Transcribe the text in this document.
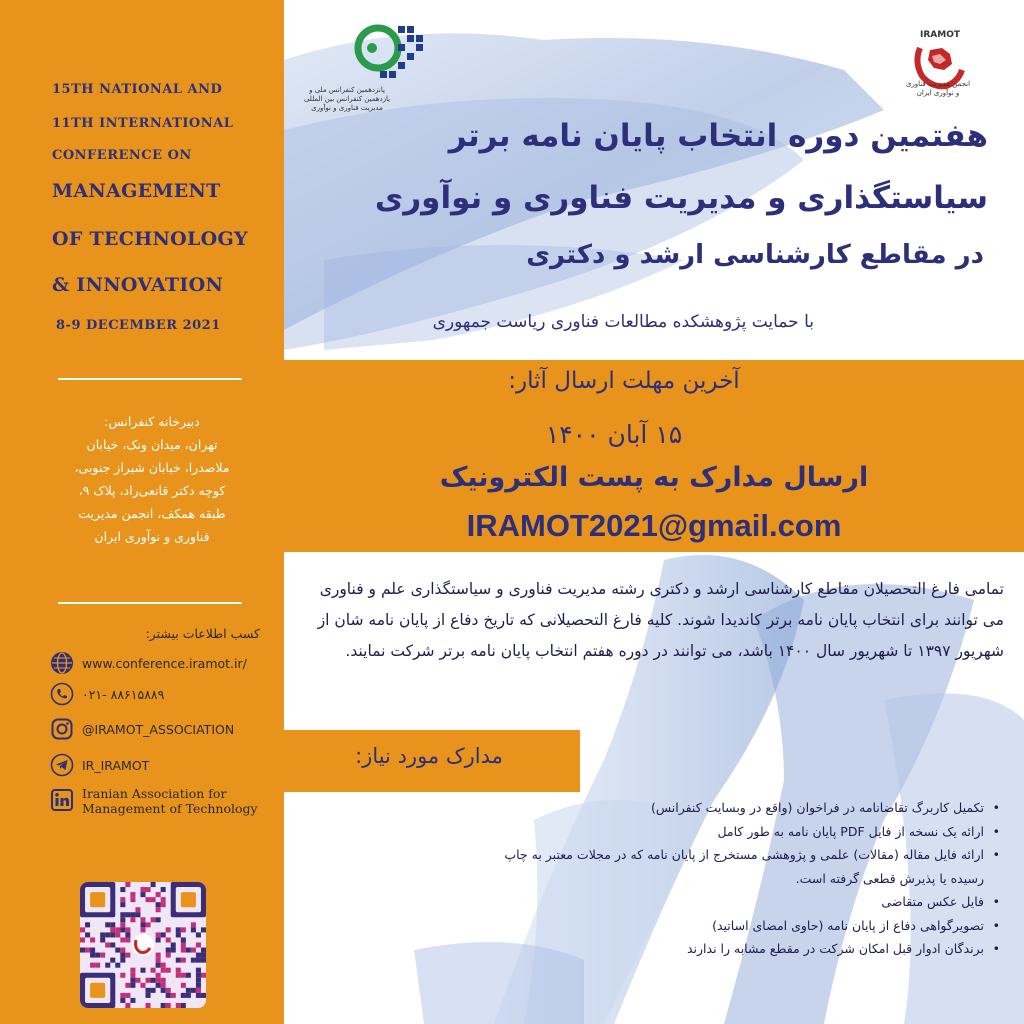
15TH NATIONAL AND
11TH INTERNATIONAL
CONFERENCE ON
MANAGEMENT
OF TECHNOLOGY
& INNOVATION
8-9 DECEMBER 2021
دبیرخانه کنفرانس:
تهران، میدان ونک، خیابان
ملاصدرا، خیابان شیراز جنوبی،
کوچه دکتر قانعی‌راد، پلاک ۹،
طبقه همکف، انجمن مدیریت
فناوری و نوآوری ایران
کسب اطلاعات بیشتر:
www.conference.iramot.ir/
۰۲۱- ۸۸۶۱۵۸۸۹
@IRAMOT_ASSOCIATION
IR_IRAMOT
Iranian Association for
Management of Technology
پانزدهمین کنفرانس ملی و
یازدهمین کنفرانس بین المللی
مدیریت فناوری و نوآوری
IRAMOT
انجمن مدیریت فناوری
و نوآوری ایران
هفتمین دوره انتخاب پایان نامه برتر
سیاستگذاری و مدیریت فناوری و نوآوری
در مقاطع کارشناسی ارشد و دکتری
با حمایت پژوهشکده مطالعات فناوری ریاست جمهوری
آخرین مهلت ارسال آثار:
۱۵ آبان ۱۴۰۰
ارسال مدارک به پست الکترونیک
IRAMOT2021@gmail.com
تمامی فارغ التحصیلان مقاطع کارشناسی ارشد و دکتری رشته مدیریت فناوری و سیاستگذاری علم و فناوری می توانند برای انتخاب پایان نامه برتر کاندیدا شوند. کلیه فارغ التحصیلانی که تاریخ دفاع از پایان نامه شان از شهریور ۱۳۹۷ تا شهریور سال ۱۴۰۰ باشد، می توانند در دوره هفتم انتخاب پایان نامه برتر شرکت نمایند.
مدارک مورد نیاز:
• تکمیل کاربرگ تقاضانامه در فراخوان (واقع در وبسایت کنفرانس)
• ارائه یک نسخه از فایل PDF پایان نامه به طور کامل
• ارائه فایل مقاله (مقالات) علمی و پژوهشی مستخرج از پایان نامه که در مجلات معتبر به چاپ رسیده یا پذیرش قطعی گرفته است.
• فایل عکس متقاضی
• تصویرگواهی دفاع از پایان نامه (حاوی امضای اساتید)
• برندگان ادوار قبل امکان شرکت در مقطع مشابه را ندارند
